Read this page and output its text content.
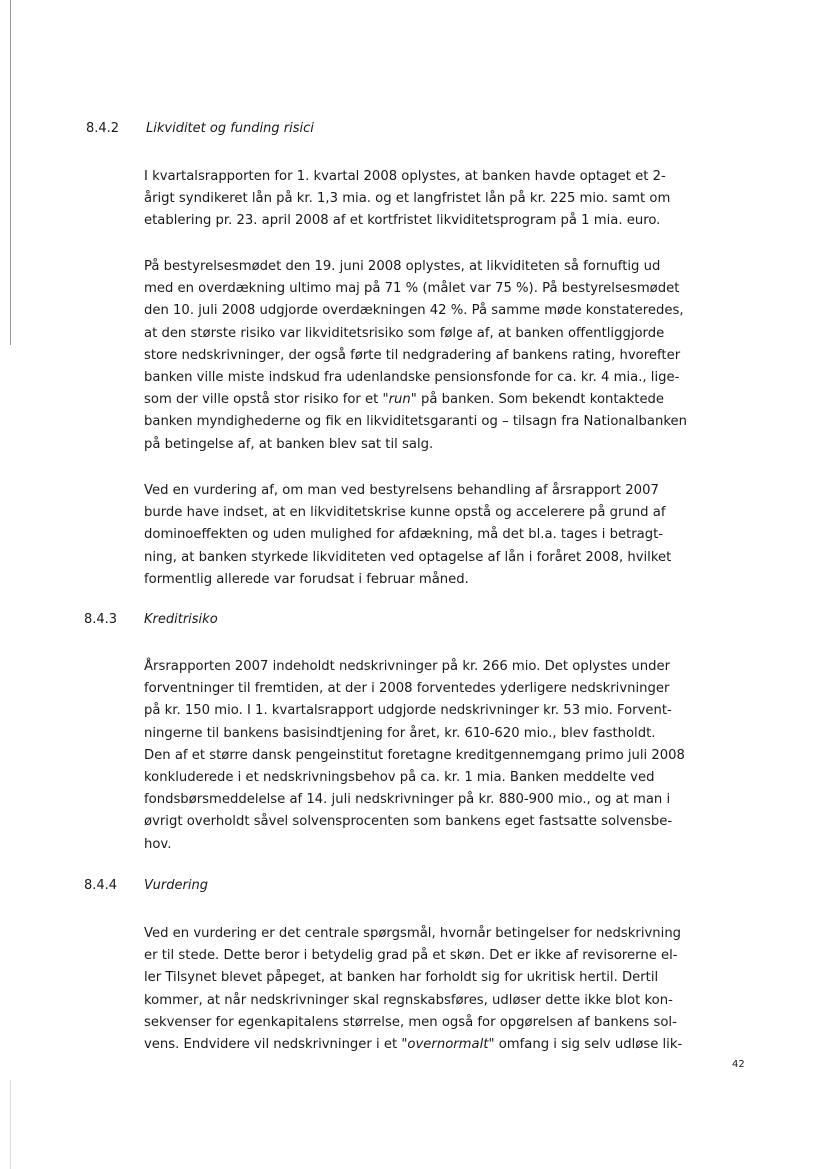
8.4.2 Likviditet og funding risici
I kvartalsrapporten for 1. kvartal 2008 oplystes, at banken havde optaget et 2-
årigt syndikeret lån på kr. 1,3 mia. og et langfristet lån på kr. 225 mio. samt om
etablering pr. 23. april 2008 af et kortfristet likviditetsprogram på 1 mia. euro.
På bestyrelsesmødet den 19. juni 2008 oplystes, at likviditeten så fornuftig ud
med en overdækning ultimo maj på 71 % (målet var 75 %). På bestyrelsesmødet
den 10. juli 2008 udgjorde overdækningen 42 %. På samme møde konstateredes,
at den største risiko var likviditetsrisiko som følge af, at banken offentliggjorde
store nedskrivninger, der også førte til nedgradering af bankens rating, hvorefter
banken ville miste indskud fra udenlandske pensionsfonde for ca. kr. 4 mia., lige-
som der ville opstå stor risiko for et "run" på banken. Som bekendt kontaktede
banken myndighederne og fik en likviditetsgaranti og – tilsagn fra Nationalbanken
på betingelse af, at banken blev sat til salg.
Ved en vurdering af, om man ved bestyrelsens behandling af årsrapport 2007
burde have indset, at en likviditetskrise kunne opstå og accelerere på grund af
dominoeffekten og uden mulighed for afdækning, må det bl.a. tages i betragt-
ning, at banken styrkede likviditeten ved optagelse af lån i foråret 2008, hvilket
formentlig allerede var forudsat i februar måned.
8.4.3 Kreditrisiko
Årsrapporten 2007 indeholdt nedskrivninger på kr. 266 mio. Det oplystes under
forventninger til fremtiden, at der i 2008 forventedes yderligere nedskrivninger
på kr. 150 mio. I 1. kvartalsrapport udgjorde nedskrivninger kr. 53 mio. Forvent-
ningerne til bankens basisindtjening for året, kr. 610-620 mio., blev fastholdt.
Den af et større dansk pengeinstitut foretagne kreditgennemgang primo juli 2008
konkluderede i et nedskrivningsbehov på ca. kr. 1 mia. Banken meddelte ved
fondsbørsmeddelelse af 14. juli nedskrivninger på kr. 880-900 mio., og at man i
øvrigt overholdt såvel solvensprocenten som bankens eget fastsatte solvensbe-
hov.
8.4.4 Vurdering
Ved en vurdering er det centrale spørgsmål, hvornår betingelser for nedskrivning
er til stede. Dette beror i betydelig grad på et skøn. Det er ikke af revisorerne el-
ler Tilsynet blevet påpeget, at banken har forholdt sig for ukritisk hertil. Dertil
kommer, at når nedskrivninger skal regnskabsføres, udløser dette ikke blot kon-
sekvenser for egenkapitalens størrelse, men også for opgørelsen af bankens sol-
vens. Endvidere vil nedskrivninger i et "overnormalt" omfang i sig selv udløse lik-
42
